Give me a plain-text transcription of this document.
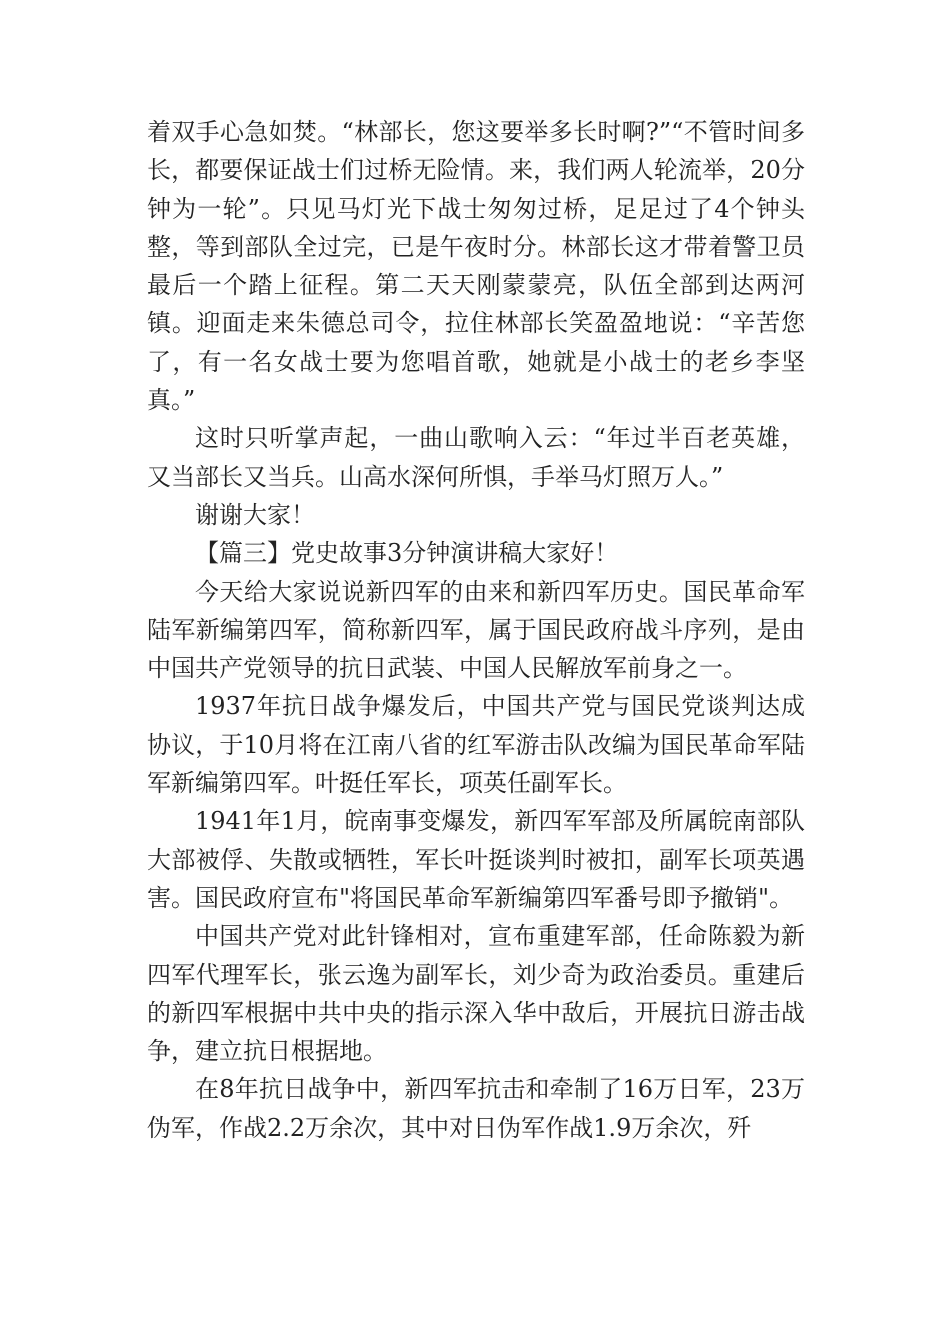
着双手心急如焚。“林部长，您这要举多长时啊?”“不管时间多长，都要保证战士们过桥无险情。来，我们两人轮流举，20分钟为一轮”。只见马灯光下战士匆匆过桥，足足过了4个钟头整，等到部队全过完，已是午夜时分。林部长这才带着警卫员最后一个踏上征程。第二天天刚蒙蒙亮，队伍全部到达两河镇。迎面走来朱德总司令，拉住林部长笑盈盈地说：“辛苦您了，有一名女战士要为您唱首歌，她就是小战士的老乡李坚真。”

这时只听掌声起，一曲山歌响入云：“年过半百老英雄，又当部长又当兵。山高水深何所惧，手举马灯照万人。”

谢谢大家！

【篇三】党史故事3分钟演讲稿大家好！

今天给大家说说新四军的由来和新四军历史。国民革命军陆军新编第四军，简称新四军，属于国民政府战斗序列，是由中国共产党领导的抗日武装、中国人民解放军前身之一。

1937年抗日战争爆发后，中国共产党与国民党谈判达成协议，于10月将在江南八省的红军游击队改编为国民革命军陆军新编第四军。叶挺任军长，项英任副军长。

1941年1月，皖南事变爆发，新四军军部及所属皖南部队大部被俘、失散或牺牲，军长叶挺谈判时被扣，副军长项英遇害。国民政府宣布"将国民革命军新编第四军番号即予撤销"。

中国共产党对此针锋相对，宣布重建军部，任命陈毅为新四军代理军长，张云逸为副军长，刘少奇为政治委员。重建后的新四军根据中共中央的指示深入华中敌后，开展抗日游击战争，建立抗日根据地。

在8年抗日战争中，新四军抗击和牵制了16万日军，23万伪军，作战2.2万余次，其中对日伪军作战1.9万余次，歼
